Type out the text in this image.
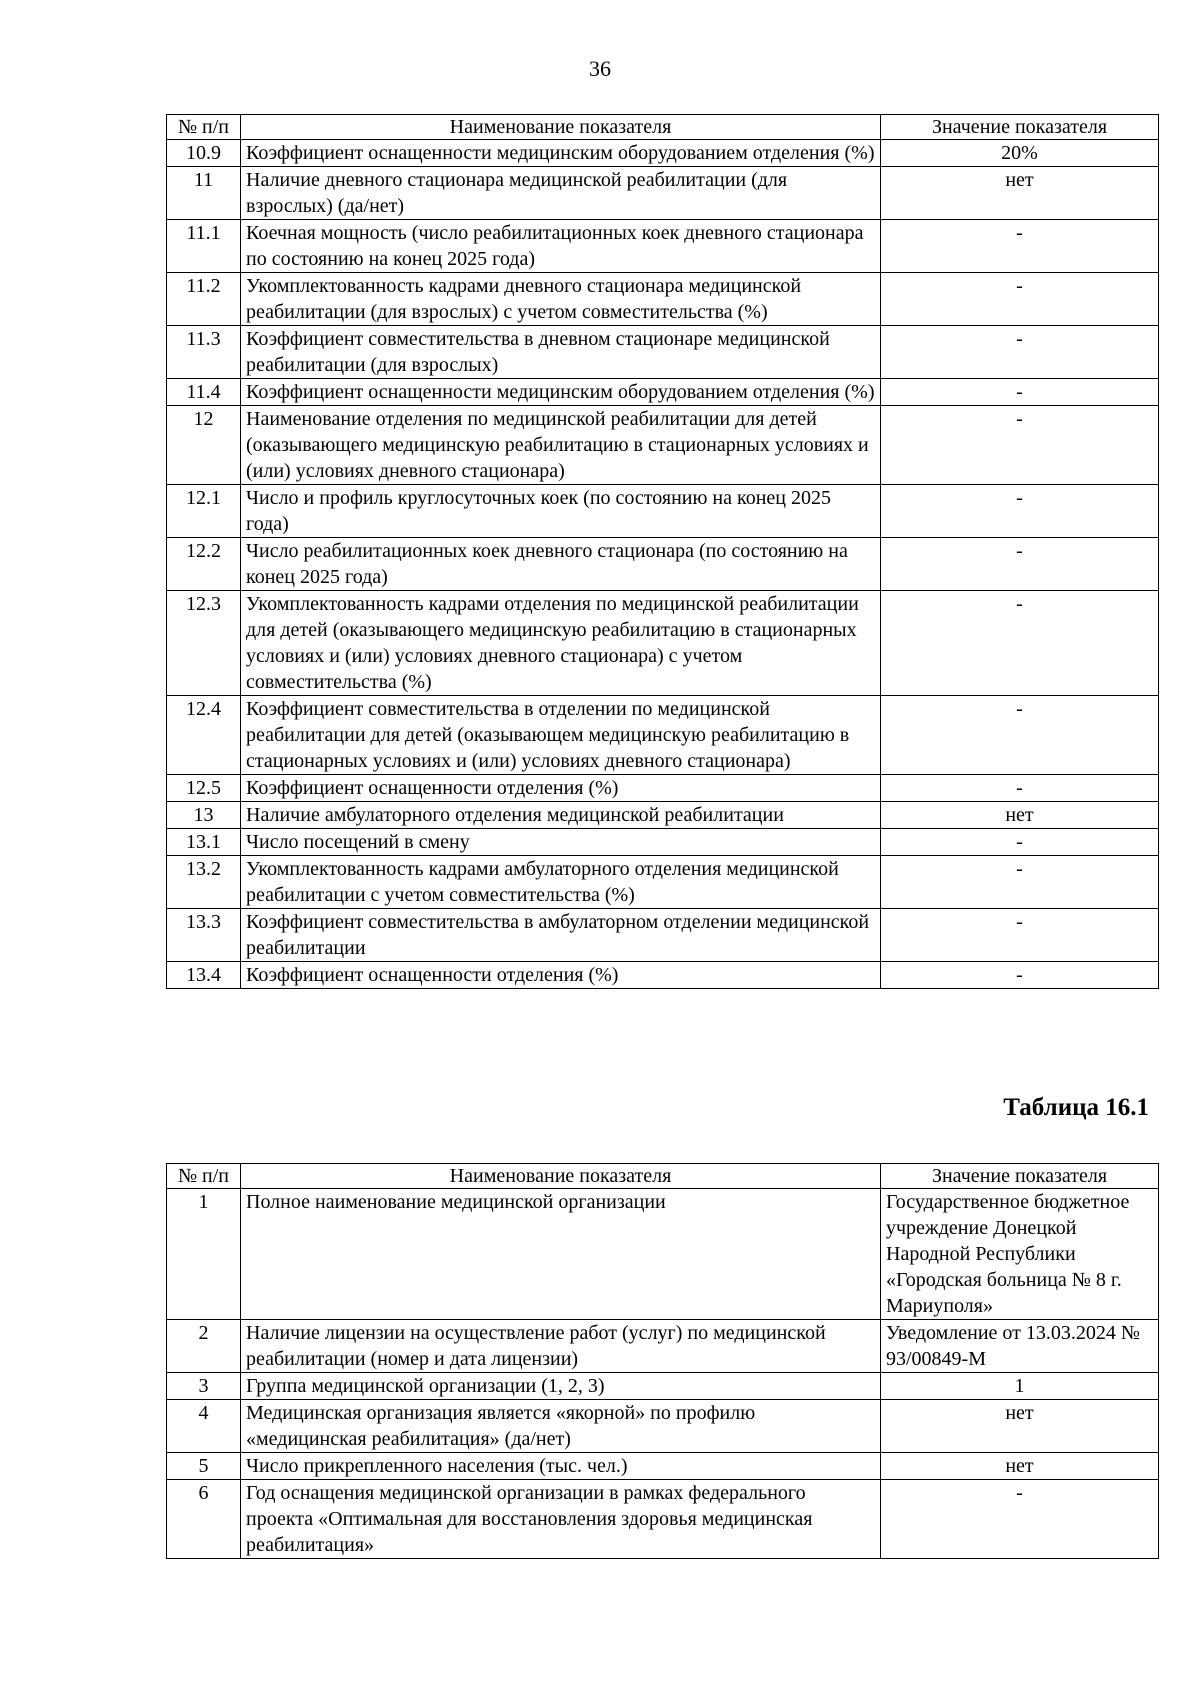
36
№ п/п	Наименование показателя	Значение показателя
10.9	Коэффициент оснащенности медицинским оборудованием отделения (%)	20%
11	Наличие дневного стационара медицинской реабилитации (для взрослых) (да/нет)	нет
11.1	Коечная мощность (число реабилитационных коек дневного стационара по состоянию на конец 2025 года)	-
11.2	Укомплектованность кадрами дневного стационара медицинской реабилитации (для взрослых) с учетом совместительства (%)	-
11.3	Коэффициент совместительства в дневном стационаре медицинской реабилитации (для взрослых)	-
11.4	Коэффициент оснащенности медицинским оборудованием отделения (%)	-
12	Наименование отделения по медицинской реабилитации для детей (оказывающего медицинскую реабилитацию в стационарных условиях и (или) условиях дневного стационара)	-
12.1	Число и профиль круглосуточных коек (по состоянию на конец 2025 года)	-
12.2	Число реабилитационных коек дневного стационара (по состоянию на конец 2025 года)	-
12.3	Укомплектованность кадрами отделения по медицинской реабилитации для детей (оказывающего медицинскую реабилитацию в стационарных условиях и (или) условиях дневного стационара) с учетом совместительства (%)	-
12.4	Коэффициент совместительства в отделении по медицинской реабилитации для детей (оказывающем медицинскую реабилитацию в стационарных условиях и (или) условиях дневного стационара)	-
12.5	Коэффициент оснащенности отделения (%)	-
13	Наличие амбулаторного отделения медицинской реабилитации	нет
13.1	Число посещений в смену	-
13.2	Укомплектованность кадрами амбулаторного отделения медицинской реабилитации с учетом совместительства (%)	-
13.3	Коэффициент совместительства в амбулаторном отделении медицинской реабилитации	-
13.4	Коэффициент оснащенности отделения (%)	-
Таблица 16.1
№ п/п	Наименование показателя	Значение показателя
1	Полное наименование медицинской организации	Государственное бюджетное учреждение Донецкой Народной Республики «Городская больница № 8 г. Мариуполя»
2	Наличие лицензии на осуществление работ (услуг) по медицинской реабилитации (номер и дата лицензии)	Уведомление от 13.03.2024 № 93/00849-М
3	Группа медицинской организации (1, 2, 3)	1
4	Медицинская организация является «якорной» по профилю «медицинская реабилитация» (да/нет)	нет
5	Число прикрепленного населения (тыс. чел.)	нет
6	Год оснащения медицинской организации в рамках федерального проекта «Оптимальная для восстановления здоровья медицинская реабилитация»	-
